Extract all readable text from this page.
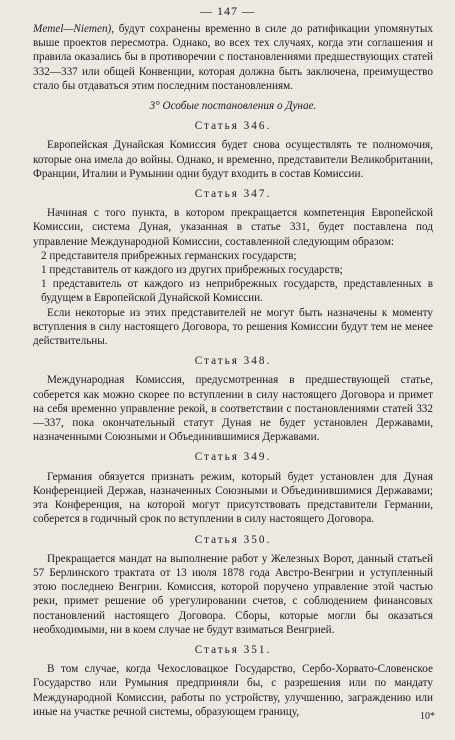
— 147 —

Memel—Niemen), будут сохранены временно в силе до ратификации упомянутых выше проектов пересмотра. Однако, во всех тех случаях, когда эти соглашения и правила оказались бы в противоречии с постановлениями предшествующих статей 332—337 или общей Конвенции, которая должна быть заключена, преимущество стало бы отдаваться этим последним постановлениям.

3° Особые постановления о Дунае.
Статья 346.

Европейская Дунайская Комиссия будет снова осуществлять те полномочия, которые она имела до войны. Однако, и временно, представители Великобритании, Франции, Италии и Румынии одни будут входить в состав Комиссии.

Статья 347.

Начиная с того пункта, в котором прекращается компетенция Европейской Комиссии, система Дуная, указанная в статье 331, будет поставлена под управление Международной Комиссии, составленной следующим образом:

2 представителя прибрежных германских государств;

1 представитель от каждого из других прибрежных государств;

1 представитель от каждого из неприбрежных государств, представленных в будущем в Европейской Дунайской Комиссии.

Если некоторые из этих представителей не могут быть назначены к моменту вступления в силу настоящего Договора, то решения Комиссии будут тем не менее действительны.

Статья 348.

Международная Комиссия, предусмотренная в предшествующей статье, соберется как можно скорее по вступлении в силу настоящего Договора и примет на себя временно управление рекой, в соответствии с постановлениями статей 332—337, пока окончательный статут Дуная не будет установлен Державами, назначенными Союзными и Объединившимися Державами.

Статья 349.

Германия обязуется признать режим, который будет установлен для Дуная Конференцией Держав, назначенных Союзными и Объединившимися Державами; эта Конференция, на которой могут присутствовать представители Германии, соберется в годичный срок по вступлении в силу настоящего Договора.

Статья 350.

Прекращается мандат на выполнение работ у Железных Ворот, данный статьей 57 Берлинского трактата от 13 июля 1878 года Австро-Венгрии и уступленный этою последнею Венгрии. Комиссия, которой поручено управление этой частью реки, примет решение об урегулировании счетов, с соблюдением финансовых постановлений настоящего Договора. Сборы, которые могли бы оказаться необходимыми, ни в коем случае не будут взиматься Венгрией.

Статья 351.

В том случае, когда Чехословацкое Государство, Сербо-Хорвато-Словенское Государство или Румыния предприняли бы, с разрешения или по мандату Международной Комиссии, работы по устройству, улучшению, заграждению или иные на участке речной системы, образующем границу,	10*
